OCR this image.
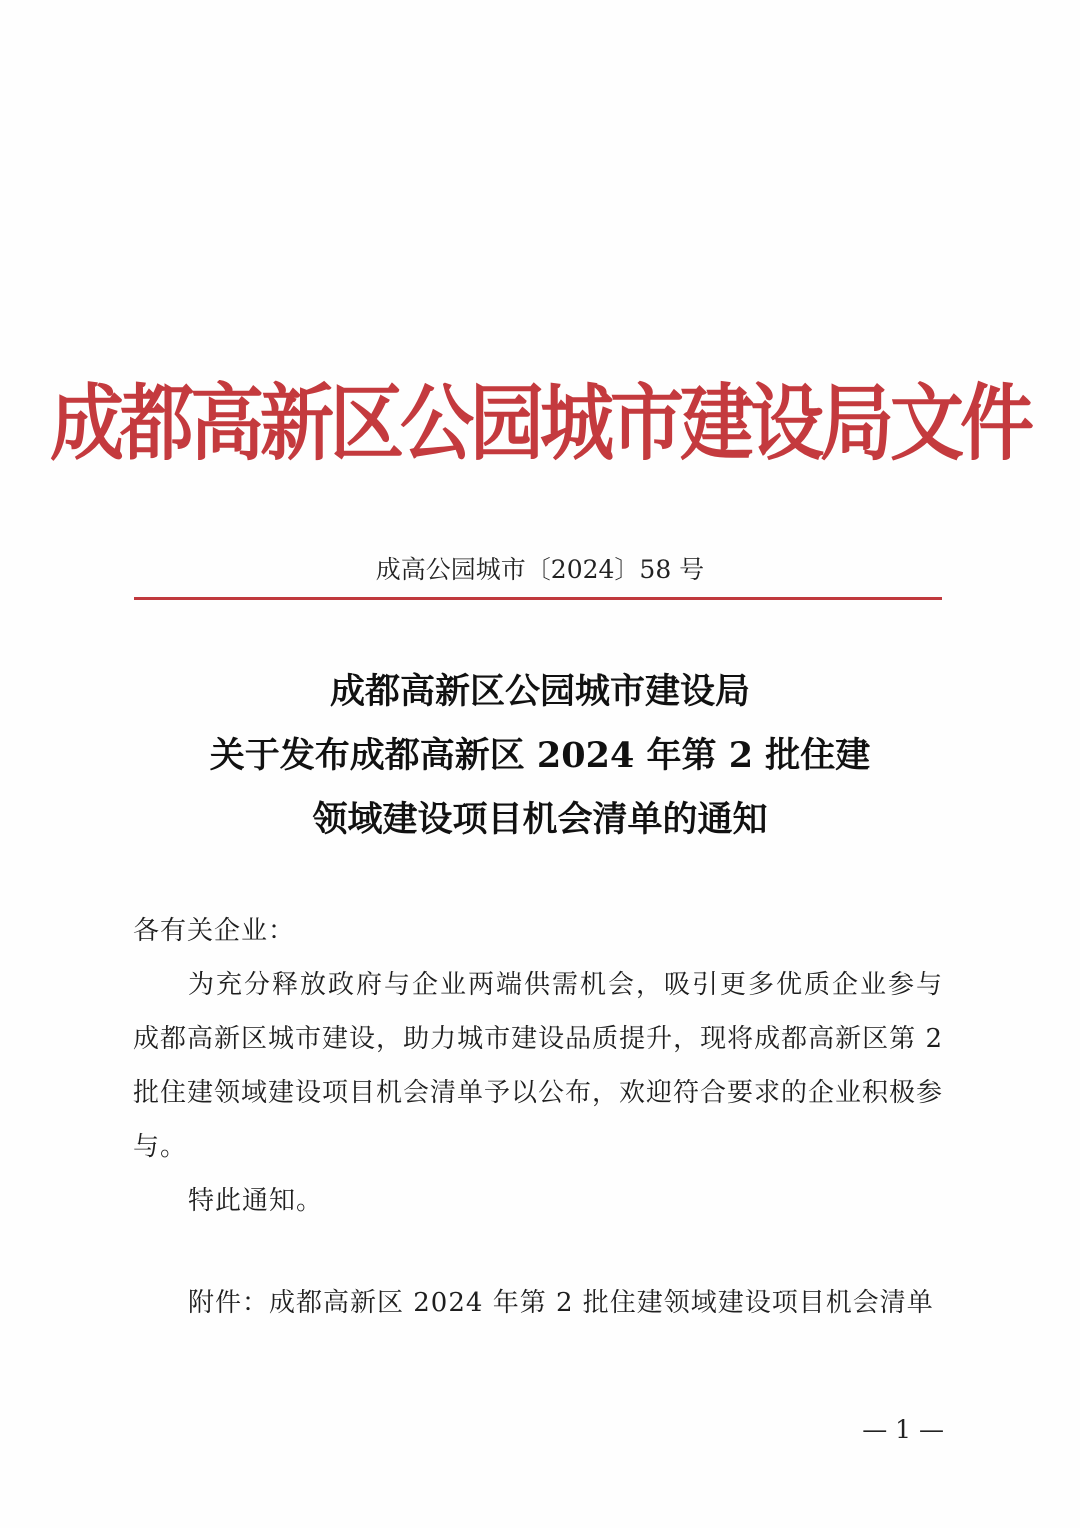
成都高新区公园城市建设局文件
成高公园城市〔2024〕58 号
成都高新区公园城市建设局
关于发布成都高新区 2024 年第 2 批住建
领域建设项目机会清单的通知
各有关企业：
为充分释放政府与企业两端供需机会，吸引更多优质企业参与成都高新区城市建设，助力城市建设品质提升，现将成都高新区第 2 批住建领域建设项目机会清单予以公布，欢迎符合要求的企业积极参与。
特此通知。
附件：成都高新区 2024 年第 2 批住建领域建设项目机会清单
— 1 —
